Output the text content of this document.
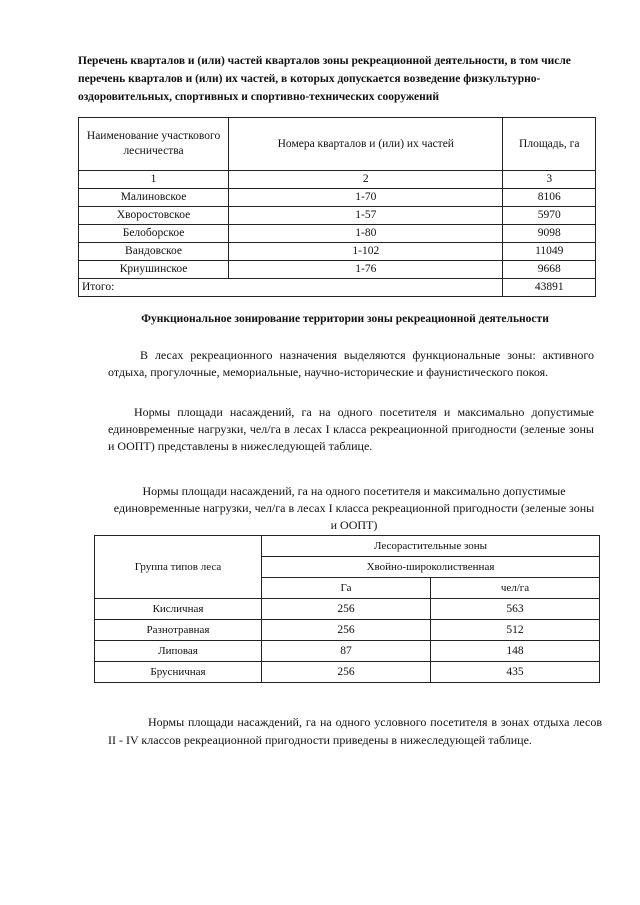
Перечень кварталов и (или) частей кварталов зоны рекреационной деятельности, в том числе перечень кварталов и (или) их частей, в которых допускается возведение физкультурно-оздоровительных, спортивных и спортивно-технических сооружений
Наименование участкового лесничества	Номера кварталов и (или) их частей	Площадь, га
1	2	3
Малиновское	1-70	8106
Хворостовское	1-57	5970
Белоборское	1-80	9098
Вандовское	1-102	11049
Криушинское	1-76	9668
Итого:		43891
Функциональное зонирование территории зоны рекреационной деятельности
В лесах рекреационного назначения выделяются функциональные зоны: активного отдыха, прогулочные, мемориальные, научно-исторические и фаунистического покоя.
Нормы площади насаждений, га на одного посетителя и максимально допустимые единовременные нагрузки, чел/га в лесах I класса рекреационной пригодности (зеленые зоны и ООПТ) представлены в нижеследующей таблице.
Нормы площади насаждений, га на одного посетителя и максимально допустимые единовременные нагрузки, чел/га в лесах I класса рекреационной пригодности (зеленые зоны и ООПТ)
Группа типов леса	Лесорастительные зоны	
	Хвойно-широколиственная	
	Га	чел/га
Кисличная	256	563
Разнотравная	256	512
Липовая	87	148
Брусничная	256	435
Нормы площади насаждений, га на одного условного посетителя в зонах отдыха лесов II - IV классов рекреационной пригодности приведены в нижеследующей таблице.
